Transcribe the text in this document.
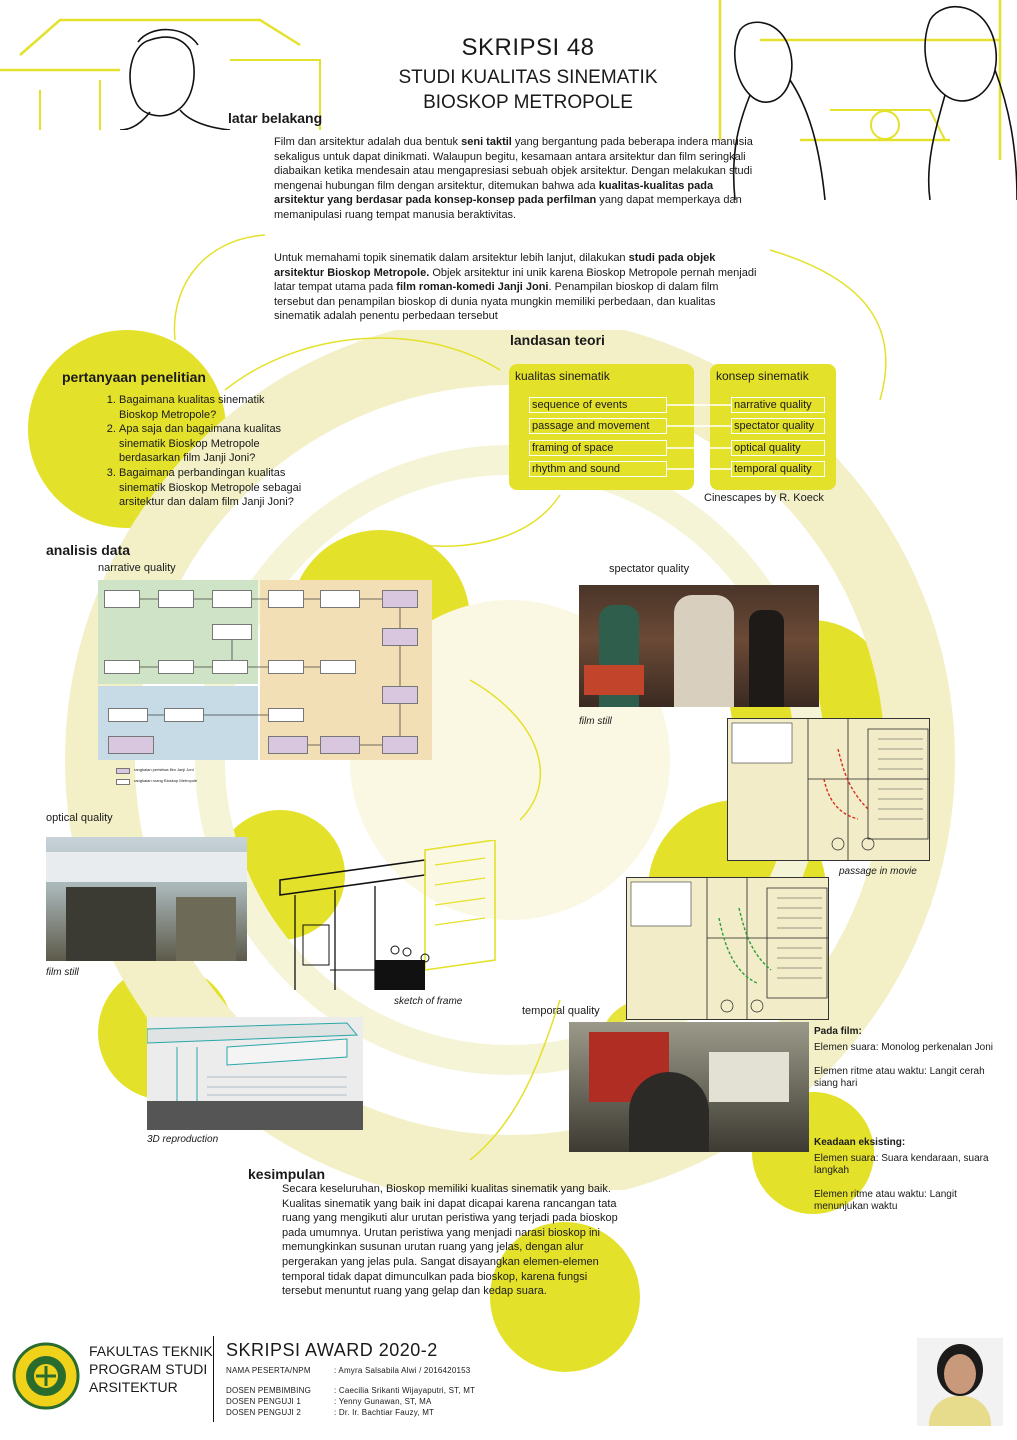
SKRIPSI 48
STUDI KUALITAS SINEMATIK
BIOSKOP METROPOLE
latar belakang
Film dan arsitektur adalah dua bentuk seni taktil yang bergantung pada beberapa indera manusia sekaligus untuk dapat dinikmati. Walaupun begitu, kesamaan antara arsitektur dan film seringkali diabaikan ketika mendesain atau mengapresiasi sebuah objek arsitektur. Dengan melakukan studi mengenai hubungan film dengan arsitektur, ditemukan bahwa ada kualitas-kualitas pada arsitektur yang berdasar pada konsep-konsep pada perfilman yang dapat memperkaya dan memanipulasi ruang tempat manusia beraktivitas.
Untuk memahami topik sinematik dalam arsitektur lebih lanjut, dilakukan studi pada objek arsitektur Bioskop Metropole. Objek arsitektur ini unik karena Bioskop Metropole pernah menjadi latar tempat utama pada film roman-komedi Janji Joni. Penampilan bioskop di dalam film tersebut dan penampilan bioskop di dunia nyata mungkin memiliki perbedaan, dan kualitas sinematik adalah penentu perbedaan tersebut
pertanyaan penelitian
1. Bagaimana kualitas sinematik Bioskop Metropole?
2. Apa saja dan bagaimana kualitas sinematik Bioskop Metropole berdasarkan film Janji Joni?
3. Bagaimana perbandingan kualitas sinematik Bioskop Metropole sebagai arsitektur dan dalam film Janji Joni?
landasan teori
kualitas sinematik	konsep sinematik
sequence of events
passage and movement
framing of space
rhythm and sound
narrative quality
spectator quality
optical quality
temporal quality
Cinescapes by R. Koeck
analisis data
narrative quality
rangkaian peristiwa film Janji Joni
rangkaian ruang Bioskop Metropole
spectator quality
film still
passage in movie
optical quality
film still
sketch of frame
3D reproduction
temporal quality
Pada film:
Elemen suara: Monolog perkenalan Joni
Elemen ritme atau waktu: Langit cerah siang hari
Keadaan eksisting:
Elemen suara: Suara kendaraan, suara langkah
Elemen ritme atau waktu: Langit menunjukan waktu
kesimpulan
Secara keseluruhan, Bioskop memiliki kualitas sinematik yang baik. Kualitas sinematik yang baik ini dapat dicapai karena rancangan tata ruang yang mengikuti alur urutan peristiwa yang terjadi pada bioskop pada umumnya. Urutan peristiwa yang menjadi narasi bioskop ini memungkinkan susunan urutan ruang yang jelas, dengan alur pergerakan yang jelas pula. Sangat disayangkan elemen-elemen temporal tidak dapat dimunculkan pada bioskop, karena fungsi tersebut menuntut ruang yang gelap dan kedap suara.
FAKULTAS TEKNIK
PROGRAM STUDI
ARSITEKTUR
SKRIPSI AWARD 2020-2
NAMA PESERTA/NPM	: Amyra Salsabila Alwi / 2016420153
DOSEN PEMBIMBING	: Caecilia Srikanti Wijayaputri, ST, MT
DOSEN PENGUJI 1	: Yenny Gunawan, ST, MA
DOSEN PENGUJI 2	: Dr. Ir. Bachtiar Fauzy, MT
